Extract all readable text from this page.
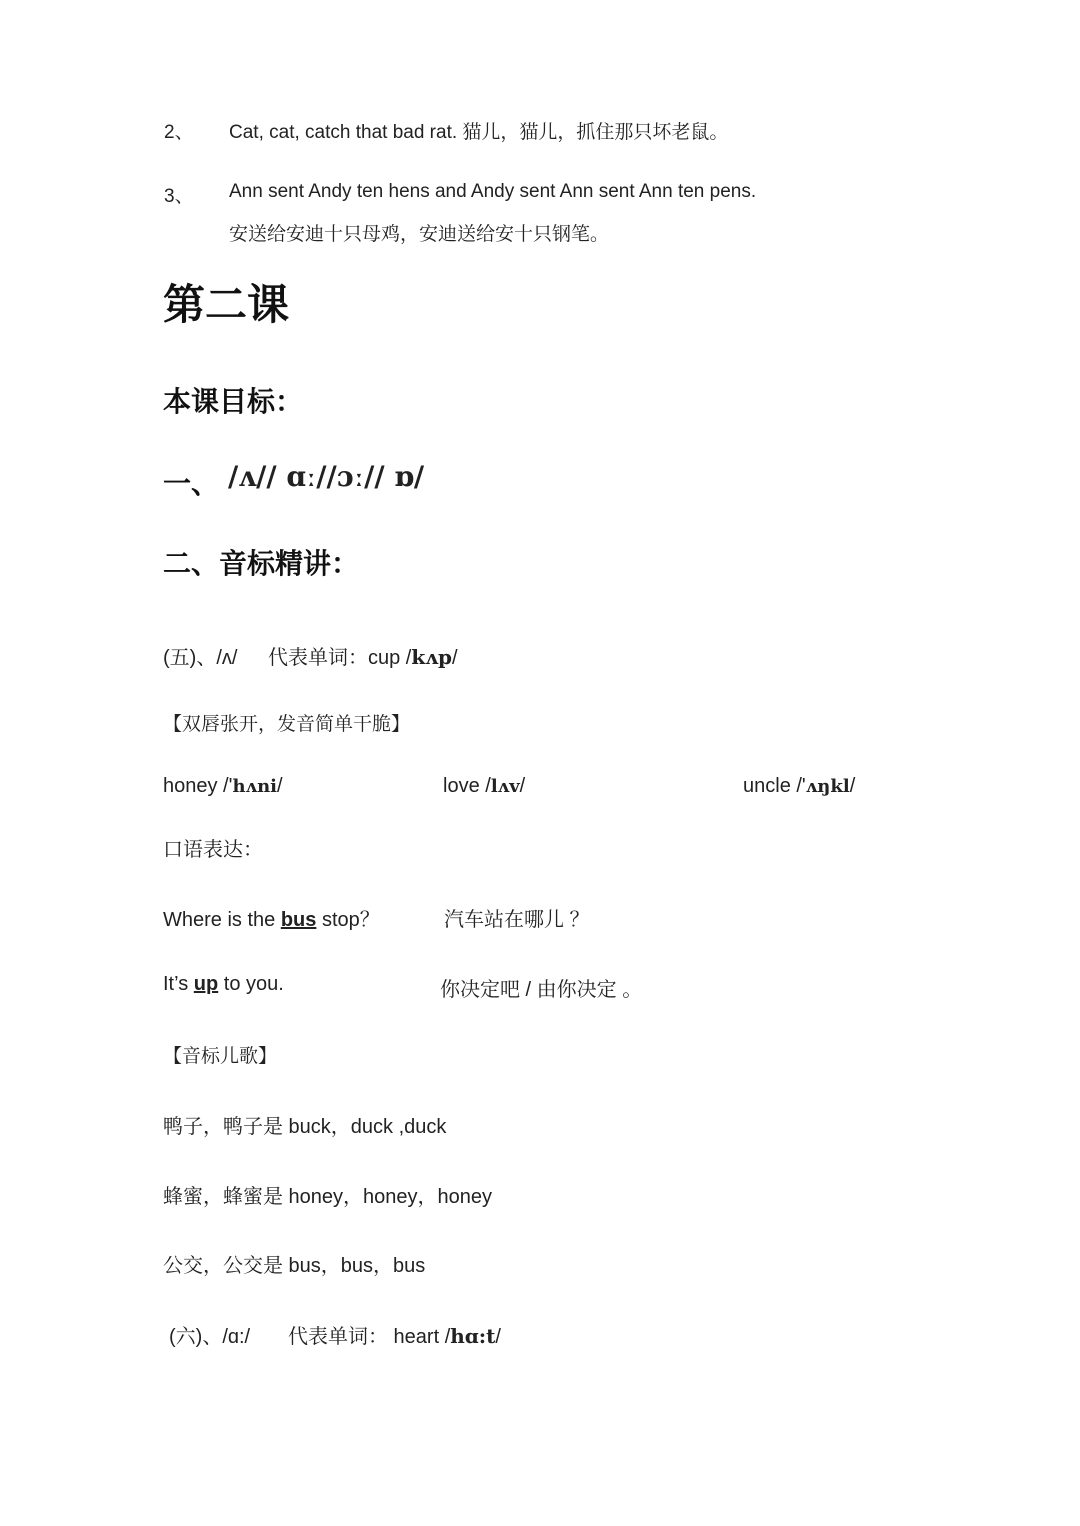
2、 Cat, cat, catch that bad rat. 猫儿，猫儿，抓住那只坏老鼠。
3、 Ann sent Andy ten hens and Andy sent Ann sent Ann ten pens.
安送给安迪十只母鸡，安迪送给安十只钢笔。
第二课
本课目标：
一、 /ʌ// ɑː//ɔː// ɒ/
二、音标精讲：
(五)、/ʌ/ 代表单词：cup /kʌp/
【双唇张开，发音简单干脆】
honey /'hʌni/	love /lʌv/	uncle /'ʌŋkl/
口语表达：
Where is the bus stop？	汽车站在哪儿 ？
It’s up to you.	你决定吧 / 由你决定 。
【音标儿歌】
鸭子，鸭子是 buck，duck ,duck
蜂蜜，蜂蜜是 honey，honey，honey
公交，公交是 bus，bus，bus
(六)、/ɑ:/ 代表单词： heart /hɑ:t/
